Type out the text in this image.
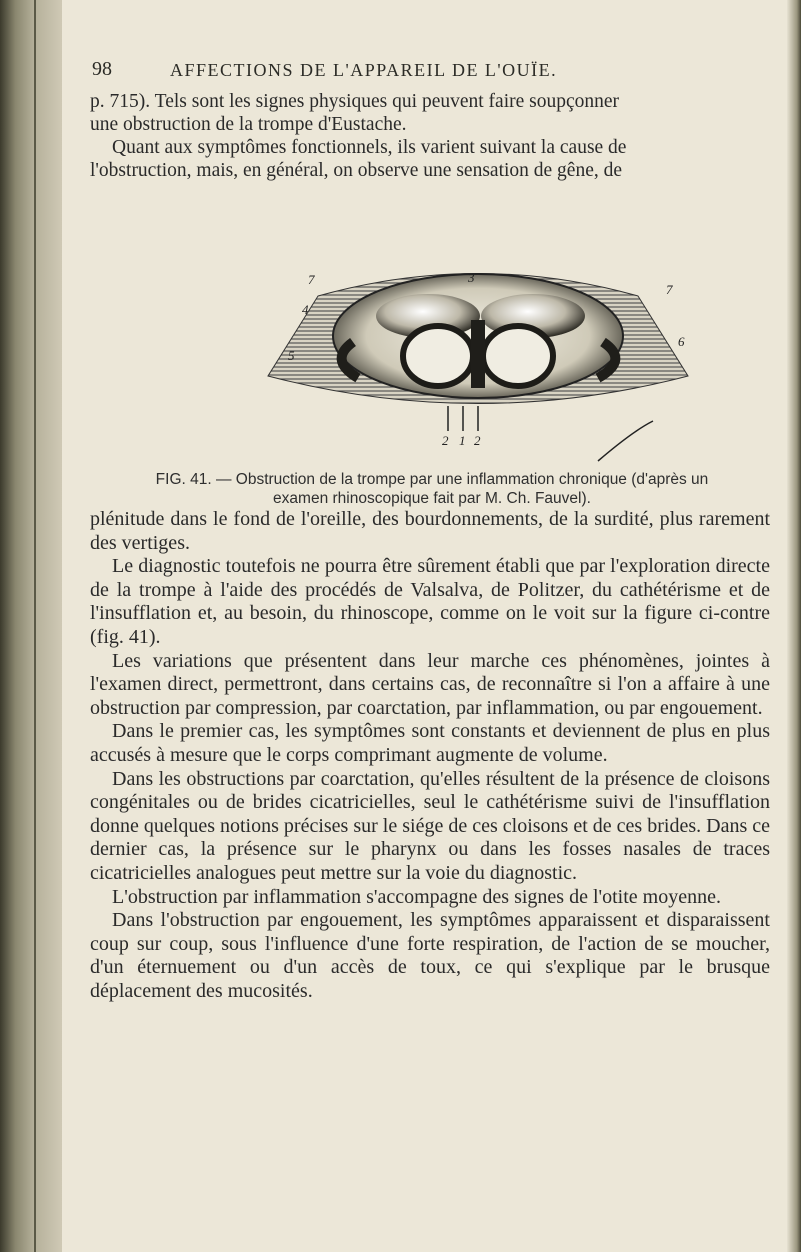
98	AFFECTIONS DE L'APPAREIL DE L'OUÏE.
p. 715). Tels sont les signes physiques qui peuvent faire soupçonner
une obstruction de la trompe d'Eustache.
Quant aux symptômes fonctionnels, ils varient suivant la cause de
l'obstruction, mais, en général, on observe une sensation de gêne, de
7	3
7
4
5
6
2 1 2
FIG. 41. — Obstruction de la trompe par une inflammation chronique (d'après un
examen rhinoscopique fait par M. Ch. Fauvel).

plénitude dans le fond de l'oreille, des bourdonnements, de la surdité, plus rarement des vertiges.

Le diagnostic toutefois ne pourra être sûrement établi que par l'exploration directe de la trompe à l'aide des procédés de Valsalva, de Politzer, du cathétérisme et de l'insufflation et, au besoin, du rhinoscope, comme on le voit sur la figure ci-contre (fig. 41).

Les variations que présentent dans leur marche ces phénomènes, jointes à l'examen direct, permettront, dans certains cas, de reconnaître si l'on a affaire à une obstruction par compression, par coarctation, par inflammation, ou par engouement.

Dans le premier cas, les symptômes sont constants et deviennent de plus en plus accusés à mesure que le corps comprimant augmente de volume.

Dans les obstructions par coarctation, qu'elles résultent de la présence de cloisons congénitales ou de brides cicatricielles, seul le cathétérisme suivi de l'insufflation donne quelques notions précises sur le siége de ces cloisons et de ces brides. Dans ce dernier cas, la présence sur le pharynx ou dans les fosses nasales de traces cicatricielles analogues peut mettre sur la voie du diagnostic.

L'obstruction par inflammation s'accompagne des signes de l'otite moyenne.

Dans l'obstruction par engouement, les symptômes apparaissent et disparaissent coup sur coup, sous l'influence d'une forte respiration, de l'action de se moucher, d'un éternuement ou d'un accès de toux, ce qui s'explique par le brusque déplacement des mucosités.
